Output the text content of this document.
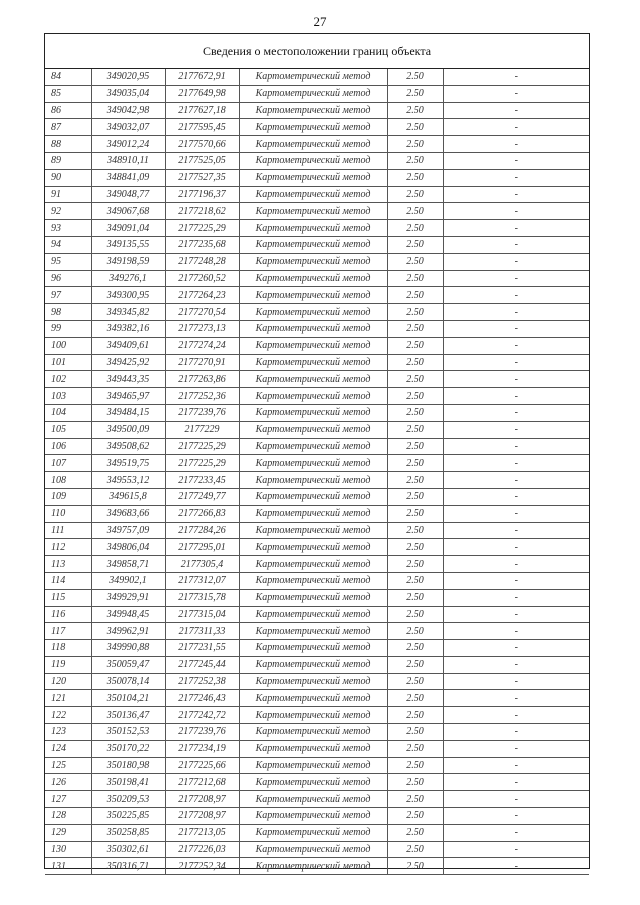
27
Сведения о местоположении границ объекта
84	349020,95	2177672,91	Картометрический метод	2.50	-
85	349035,04	2177649,98	Картометрический метод	2.50	-
86	349042,98	2177627,18	Картометрический метод	2.50	-
87	349032,07	2177595,45	Картометрический метод	2.50	-
88	349012,24	2177570,66	Картометрический метод	2.50	-
89	348910,11	2177525,05	Картометрический метод	2.50	-
90	348841,09	2177527,35	Картометрический метод	2.50	-
91	349048,77	2177196,37	Картометрический метод	2.50	-
92	349067,68	2177218,62	Картометрический метод	2.50	-
93	349091,04	2177225,29	Картометрический метод	2.50	-
94	349135,55	2177235,68	Картометрический метод	2.50	-
95	349198,59	2177248,28	Картометрический метод	2.50	-
96	349276,1	2177260,52	Картометрический метод	2.50	-
97	349300,95	2177264,23	Картометрический метод	2.50	-
98	349345,82	2177270,54	Картометрический метод	2.50	-
99	349382,16	2177273,13	Картометрический метод	2.50	-
100	349409,61	2177274,24	Картометрический метод	2.50	-
101	349425,92	2177270,91	Картометрический метод	2.50	-
102	349443,35	2177263,86	Картометрический метод	2.50	-
103	349465,97	2177252,36	Картометрический метод	2.50	-
104	349484,15	2177239,76	Картометрический метод	2.50	-
105	349500,09	2177229	Картометрический метод	2.50	-
106	349508,62	2177225,29	Картометрический метод	2.50	-
107	349519,75	2177225,29	Картометрический метод	2.50	-
108	349553,12	2177233,45	Картометрический метод	2.50	-
109	349615,8	2177249,77	Картометрический метод	2.50	-
110	349683,66	2177266,83	Картометрический метод	2.50	-
111	349757,09	2177284,26	Картометрический метод	2.50	-
112	349806,04	2177295,01	Картометрический метод	2.50	-
113	349858,71	2177305,4	Картометрический метод	2.50	-
114	349902,1	2177312,07	Картометрический метод	2.50	-
115	349929,91	2177315,78	Картометрический метод	2.50	-
116	349948,45	2177315,04	Картометрический метод	2.50	-
117	349962,91	2177311,33	Картометрический метод	2.50	-
118	349990,88	2177231,55	Картометрический метод	2.50	-
119	350059,47	2177245,44	Картометрический метод	2.50	-
120	350078,14	2177252,38	Картометрический метод	2.50	-
121	350104,21	2177246,43	Картометрический метод	2.50	-
122	350136,47	2177242,72	Картометрический метод	2.50	-
123	350152,53	2177239,76	Картометрический метод	2.50	-
124	350170,22	2177234,19	Картометрический метод	2.50	-
125	350180,98	2177225,66	Картометрический метод	2.50	-
126	350198,41	2177212,68	Картометрический метод	2.50	-
127	350209,53	2177208,97	Картометрический метод	2.50	-
128	350225,85	2177208,97	Картометрический метод	2.50	-
129	350258,85	2177213,05	Картометрический метод	2.50	-
130	350302,61	2177226,03	Картометрический метод	2.50	-
131	350316,71	2177252,34	Картометрический метод	2.50	-
